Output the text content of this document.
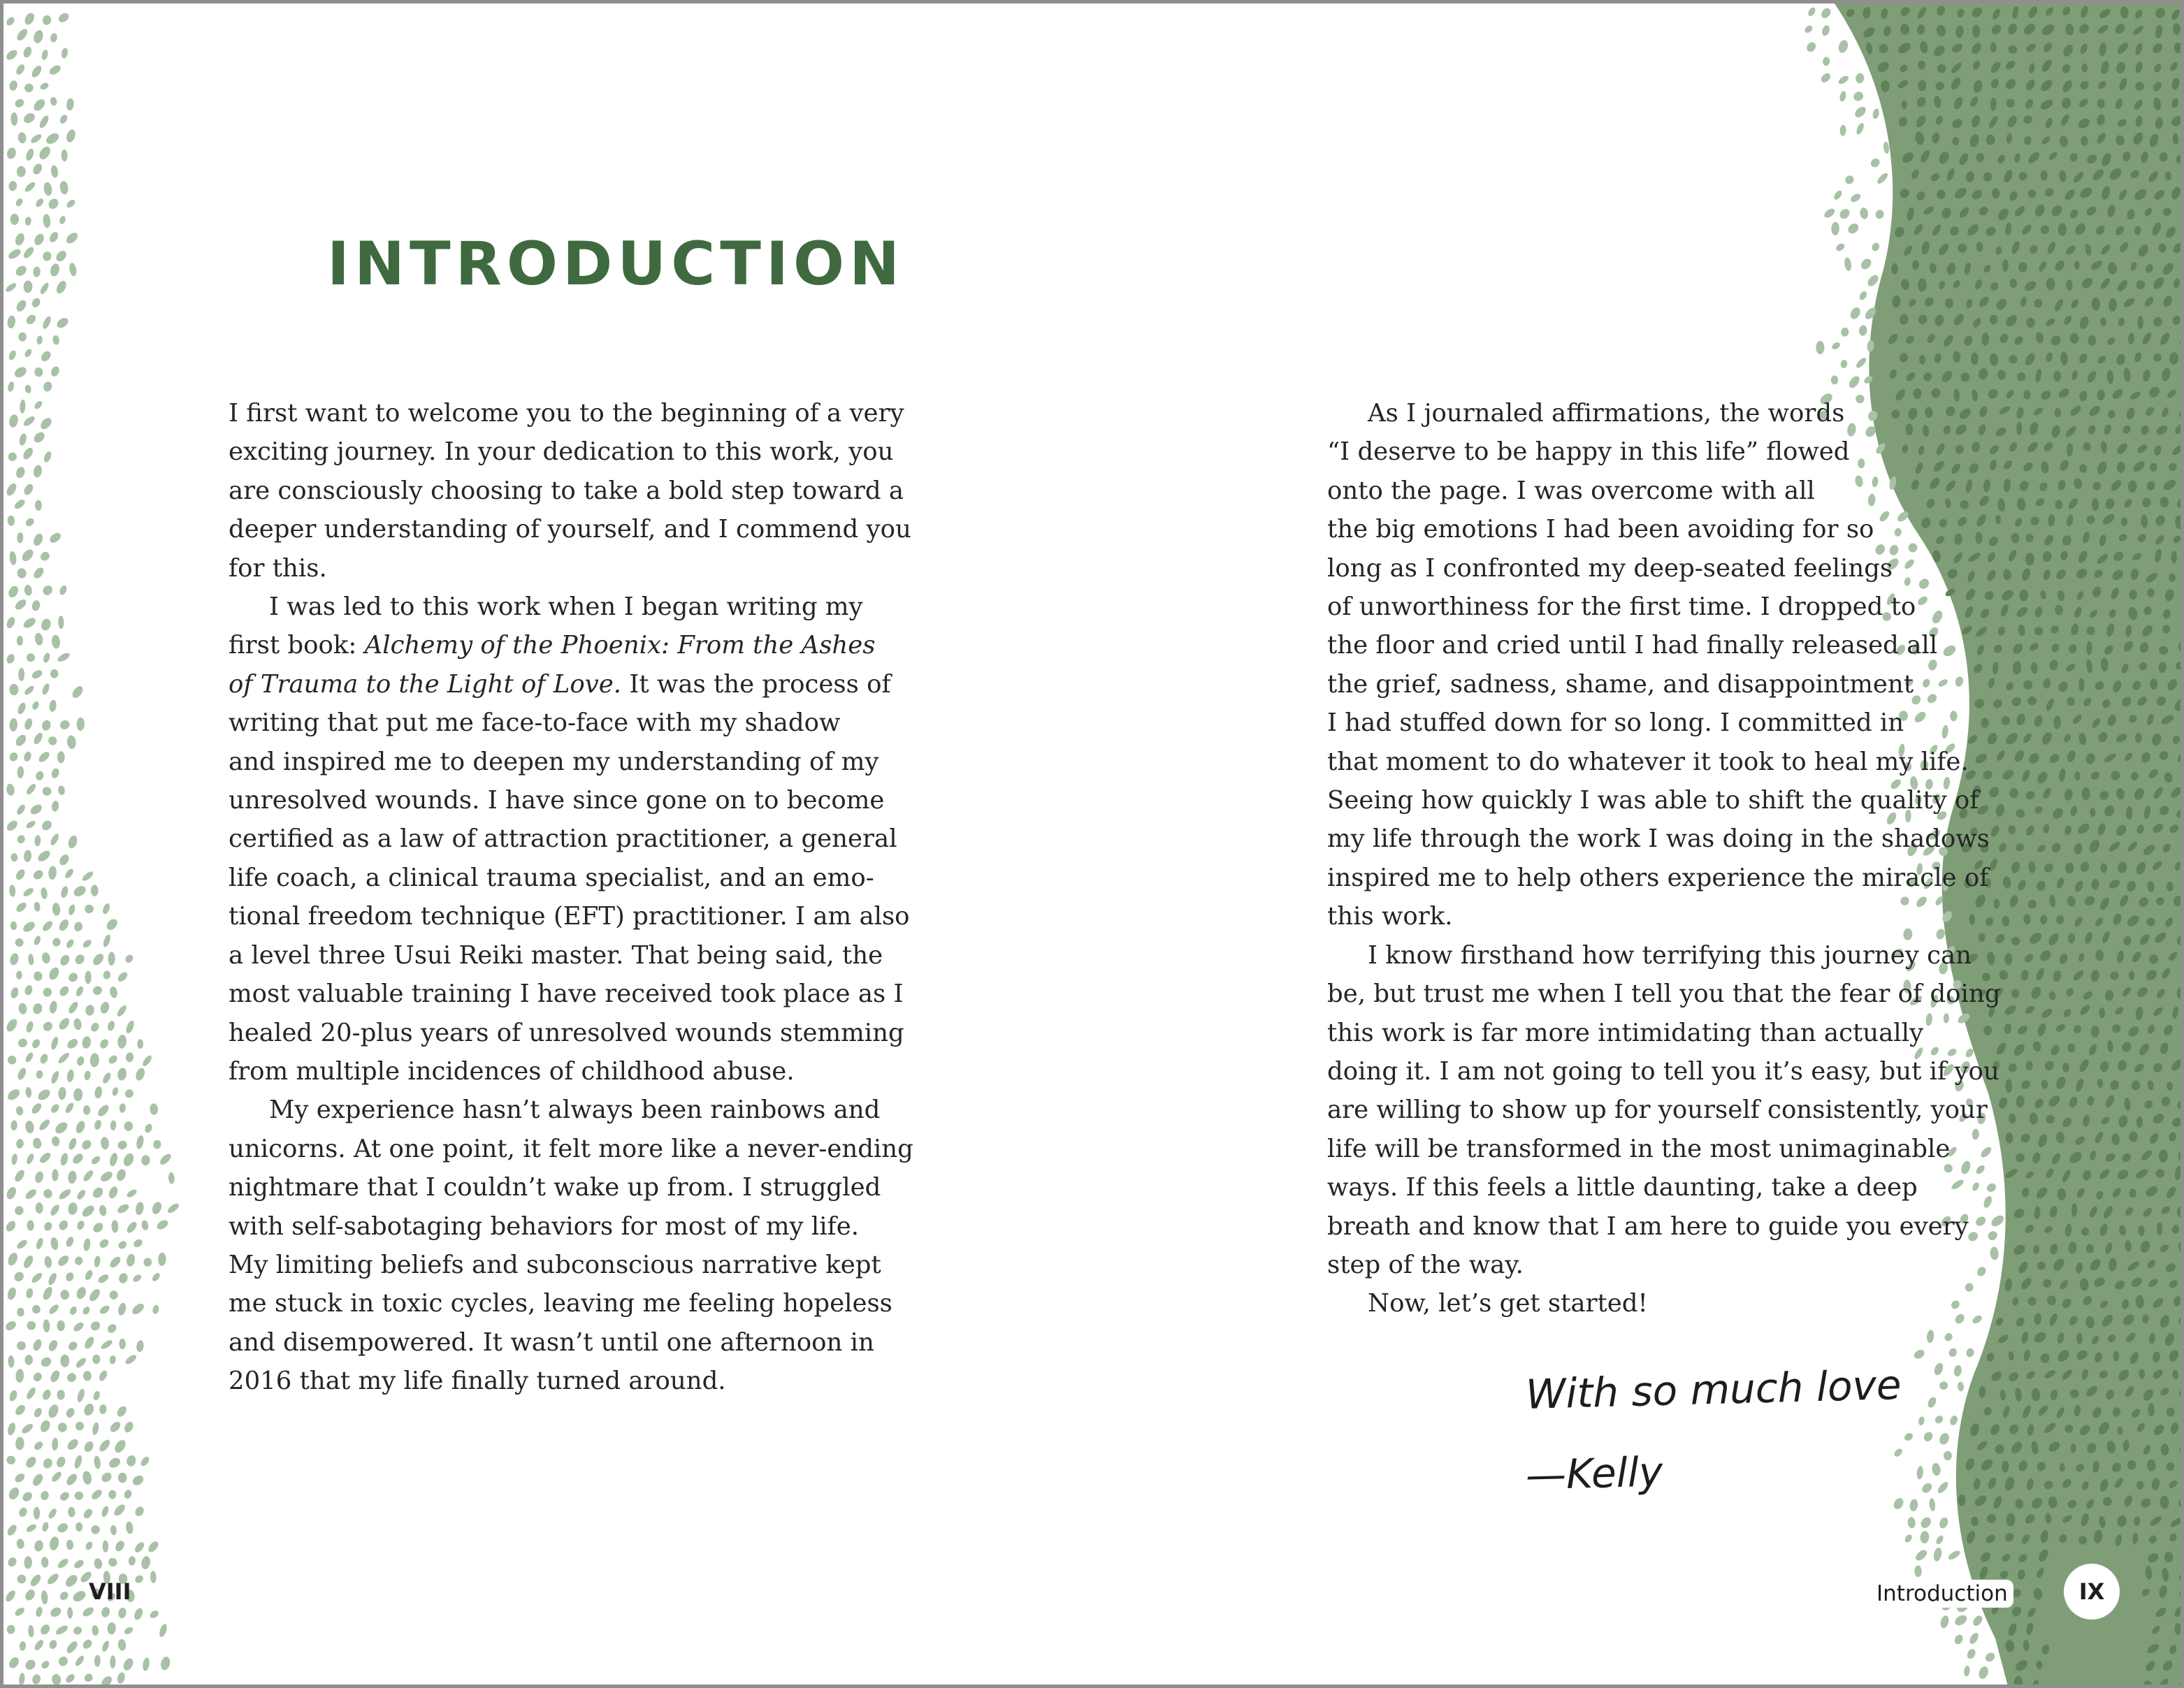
INTRODUCTION
I first want to welcome you to the beginning of a very
exciting journey. In your dedication to this work, you
are consciously choosing to take a bold step toward a
deeper understanding of yourself, and I commend you
for this.
I was led to this work when I began writing my
first book: Alchemy of the Phoenix: From the Ashes
of Trauma to the Light of Love. It was the process of
writing that put me face-to-face with my shadow
and inspired me to deepen my understanding of my
unresolved wounds. I have since gone on to become
certified as a law of attraction practitioner, a general
life coach, a clinical trauma specialist, and an emo-
tional freedom technique (EFT) practitioner. I am also
a level three Usui Reiki master. That being said, the
most valuable training I have received took place as I
healed 20-plus years of unresolved wounds stemming
from multiple incidences of childhood abuse.
My experience hasn’t always been rainbows and
unicorns. At one point, it felt more like a never-ending
nightmare that I couldn’t wake up from. I struggled
with self-sabotaging behaviors for most of my life.
My limiting beliefs and subconscious narrative kept
me stuck in toxic cycles, leaving me feeling hopeless
and disempowered. It wasn’t until one afternoon in
2016 that my life finally turned around.
As I journaled affirmations, the words
“I deserve to be happy in this life” flowed
onto the page. I was overcome with all
the big emotions I had been avoiding for so
long as I confronted my deep-seated feelings
of unworthiness for the first time. I dropped to
the floor and cried until I had finally released all
the grief, sadness, shame, and disappointment
I had stuffed down for so long. I committed in
that moment to do whatever it took to heal my life.
Seeing how quickly I was able to shift the quality of
my life through the work I was doing in the shadows
inspired me to help others experience the miracle of
this work.
I know firsthand how terrifying this journey can
be, but trust me when I tell you that the fear of doing
this work is far more intimidating than actually
doing it. I am not going to tell you it’s easy, but if you
are willing to show up for yourself consistently, your
life will be transformed in the most unimaginable
ways. If this feels a little daunting, take a deep
breath and know that I am here to guide you every
step of the way.
Now, let’s get started!
With so much love
—Kelly
VIII	Introduction	IX
